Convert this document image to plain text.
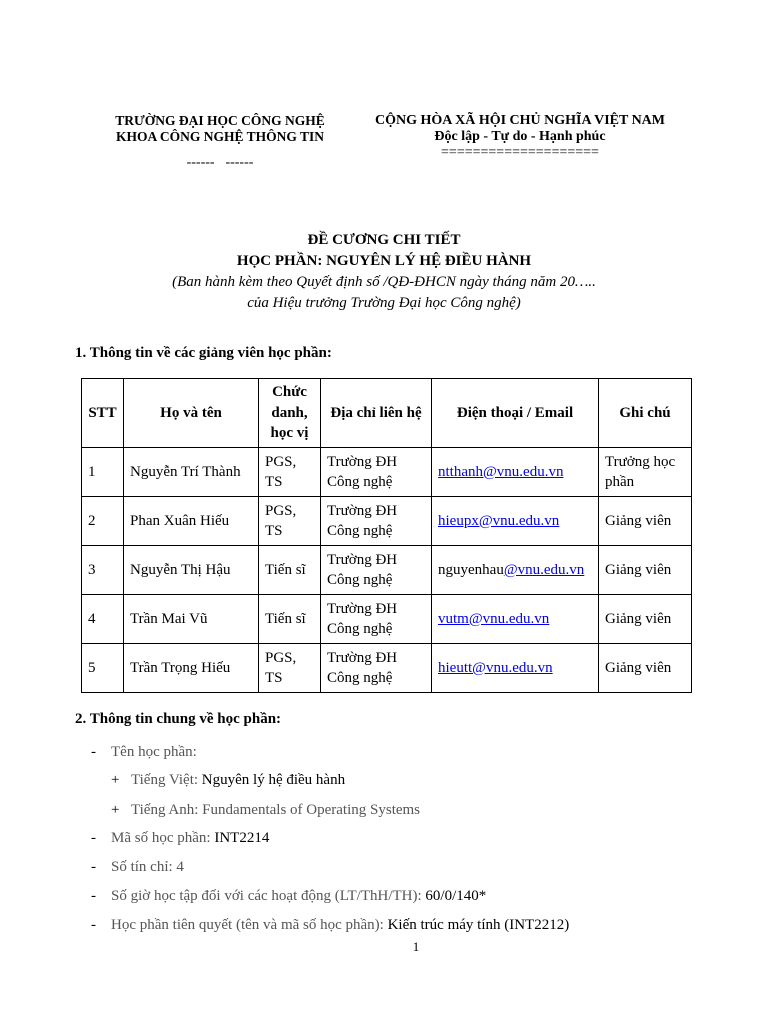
TRƯỜNG ĐẠI HỌC CÔNG NGHỆ
KHOA CÔNG NGHỆ THÔNG TIN
------ ------
CỘNG HÒA XÃ HỘI CHỦ NGHĨA VIỆT NAM
Độc lập - Tự do - Hạnh phúc
====================
ĐỀ CƯƠNG CHI TIẾT
HỌC PHẦN: NGUYÊN LÝ HỆ ĐIỀU HÀNH
(Ban hành kèm theo Quyết định số /QĐ-ĐHCN ngày tháng năm 20…..
của Hiệu trưởng Trường Đại học Công nghệ)
1. Thông tin về các giảng viên học phần:
STT	Họ và tên	Chức danh, học vị	Địa chỉ liên hệ	Điện thoại / Email	Ghi chú
1	Nguyễn Trí Thành	PGS, TS	Trường ĐH Công nghệ	ntthanh@vnu.edu.vn	Trưởng học phần
2	Phan Xuân Hiếu	PGS, TS	Trường ĐH Công nghệ	hieupx@vnu.edu.vn	Giảng viên
3	Nguyễn Thị Hậu	Tiến sĩ	Trường ĐH Công nghệ	nguyenhau@vnu.edu.vn	Giảng viên
4	Trần Mai Vũ	Tiến sĩ	Trường ĐH Công nghệ	vutm@vnu.edu.vn	Giảng viên
5	Trần Trọng Hiếu	PGS, TS	Trường ĐH Công nghệ	hieutt@vnu.edu.vn	Giảng viên
2. Thông tin chung về học phần:
- Tên học phần:
+ Tiếng Việt: Nguyên lý hệ điều hành
+ Tiếng Anh: Fundamentals of Operating Systems
- Mã số học phần: INT2214
- Số tín chỉ: 4
- Số giờ học tập đối với các hoạt động (LT/ThH/TH): 60/0/140*
- Học phần tiên quyết (tên và mã số học phần): Kiến trúc máy tính (INT2212)
1
